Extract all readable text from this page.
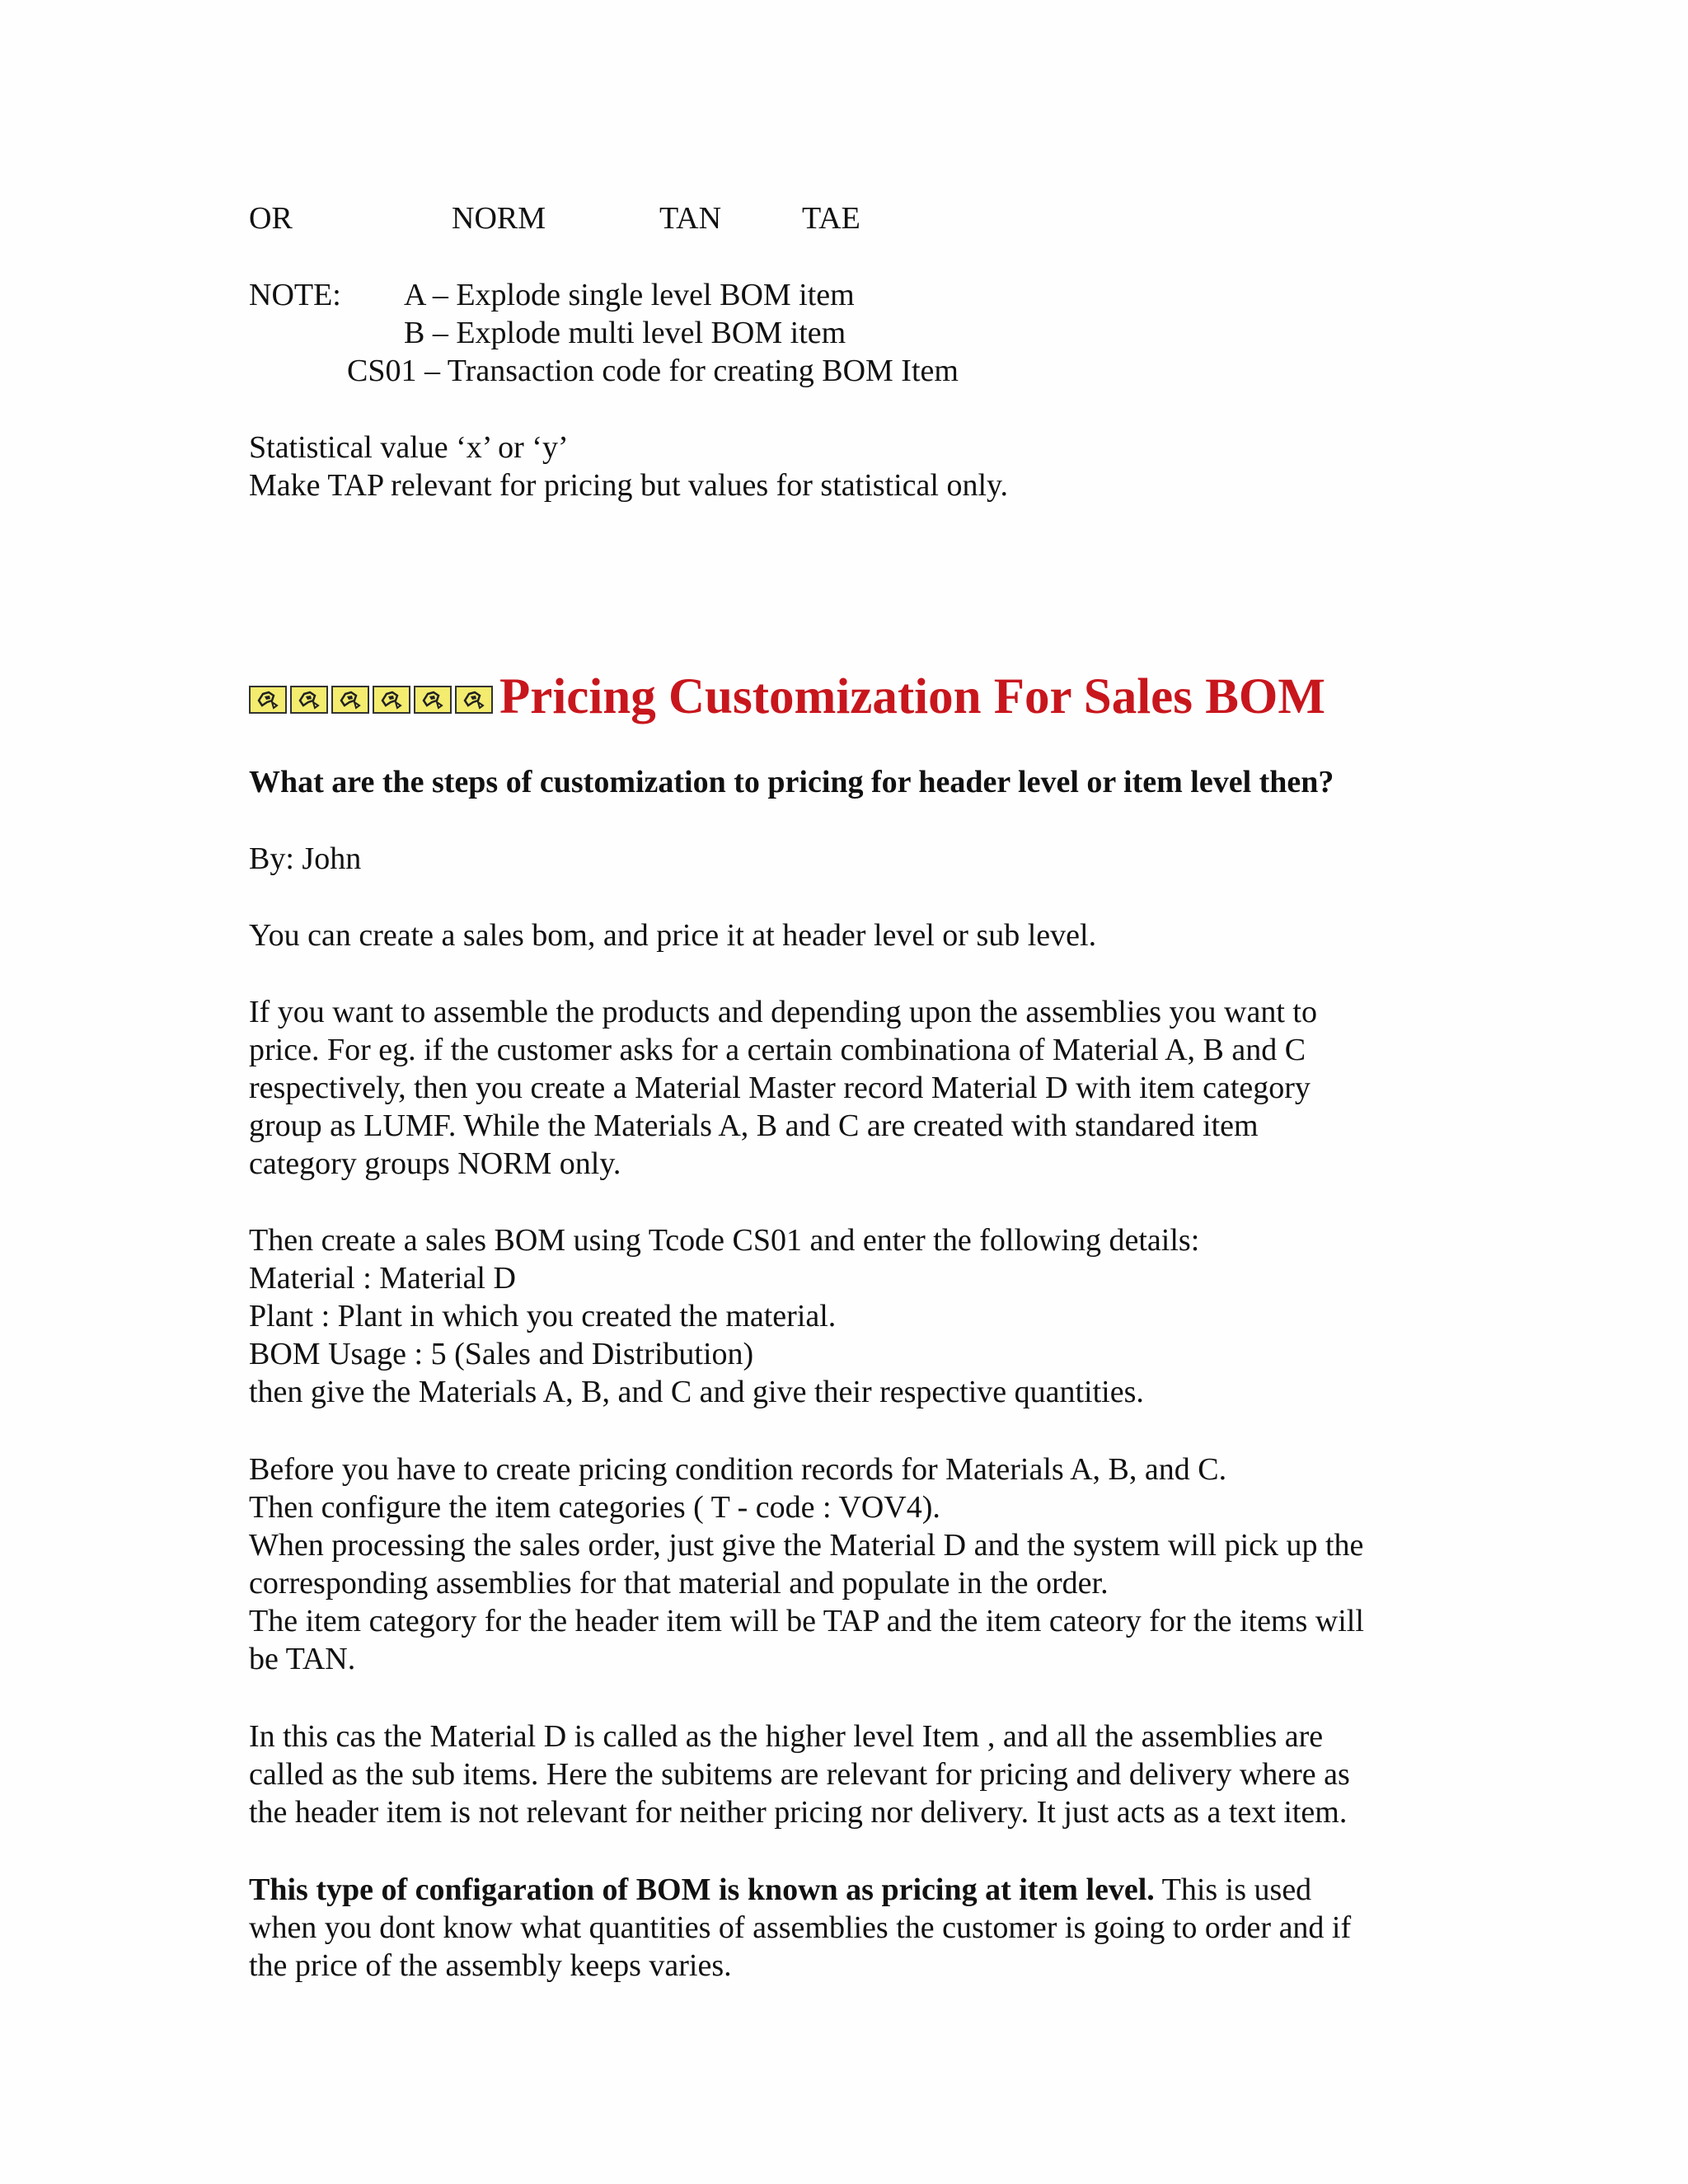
OR	NORM	TAN	TAE
NOTE: A – Explode single level BOM item
B – Explode multi level BOM item
CS01 – Transaction code for creating BOM Item
Statistical value ‘x’ or ‘y’
Make TAP relevant for pricing but values for statistical only.
Pricing Customization For Sales BOM
What are the steps of customization to pricing for header level or item level then?
By: John
You can create a sales bom, and price it at header level or sub level.
If you want to assemble the products and depending upon the assemblies you want to
price. For eg. if the customer asks for a certain combinationa of Material A, B and C
respectively, then you create a Material Master record Material D with item category
group as LUMF. While the Materials A, B and C are created with standared item
category groups NORM only.
Then create a sales BOM using Tcode CS01 and enter the following details:
Material : Material D
Plant : Plant in which you created the material.
BOM Usage : 5 (Sales and Distribution)
then give the Materials A, B, and C and give their respective quantities.
Before you have to create pricing condition records for Materials A, B, and C.
Then configure the item categories ( T - code : VOV4).
When processing the sales order, just give the Material D and the system will pick up the
corresponding assemblies for that material and populate in the order.
The item category for the header item will be TAP and the item cateory for the items will
be TAN.
In this cas the Material D is called as the higher level Item , and all the assemblies are
called as the sub items. Here the subitems are relevant for pricing and delivery where as
the header item is not relevant for neither pricing nor delivery. It just acts as a text item.
This type of configaration of BOM is known as pricing at item level. This is used
when you dont know what quantities of assemblies the customer is going to order and if
the price of the assembly keeps varies.
